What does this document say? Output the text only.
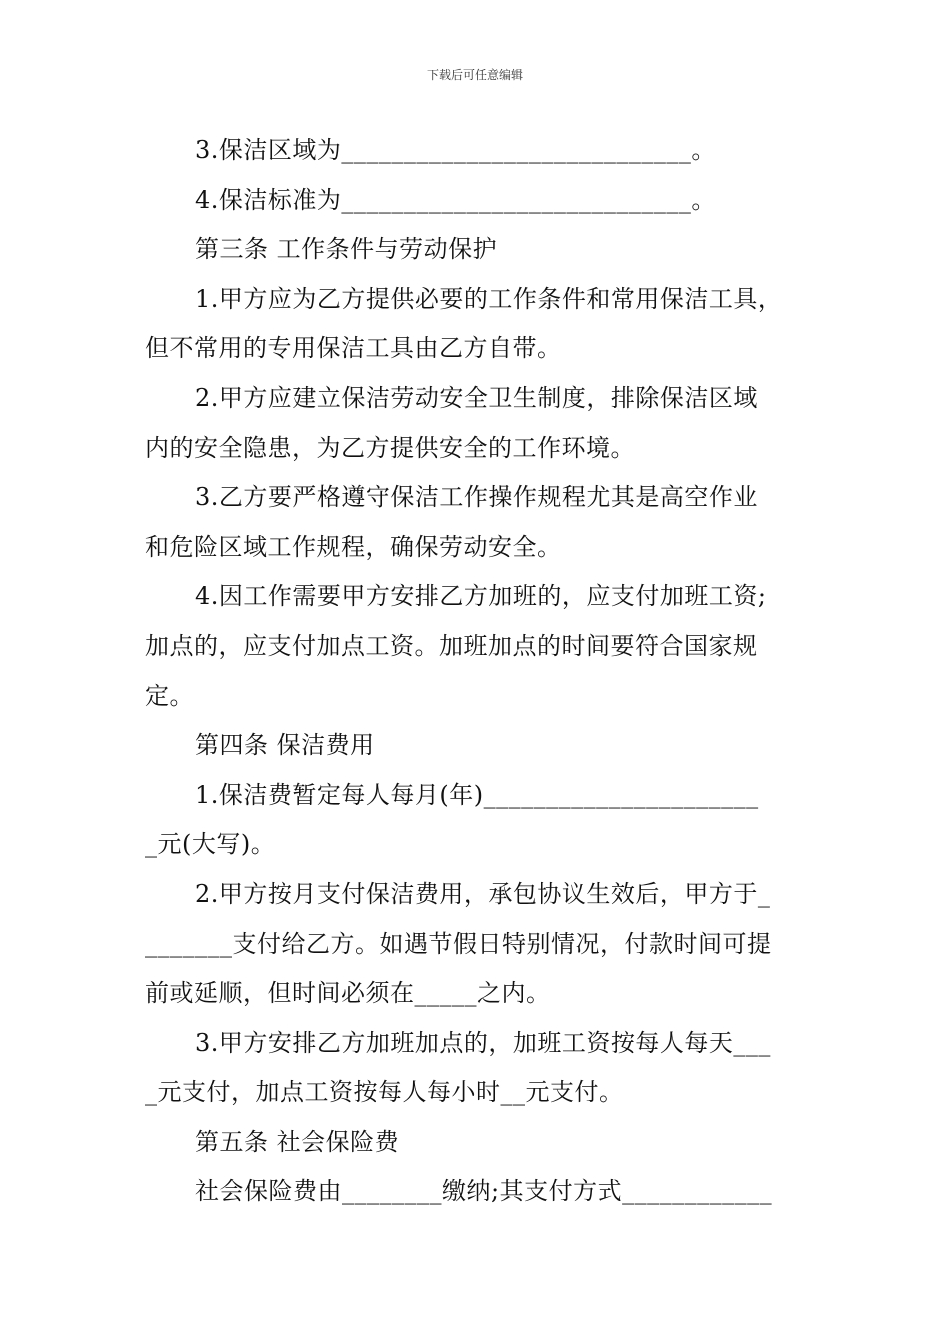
下载后可任意编辑
3.保洁区域为____________________________。
4.保洁标准为____________________________。
第三条 工作条件与劳动保护
1.甲方应为乙方提供必要的工作条件和常用保洁工具，
但不常用的专用保洁工具由乙方自带。
2.甲方应建立保洁劳动安全卫生制度，排除保洁区域
内的安全隐患，为乙方提供安全的工作环境。
3.乙方要严格遵守保洁工作操作规程尤其是高空作业
和危险区域工作规程，确保劳动安全。
4.因工作需要甲方安排乙方加班的，应支付加班工资;
加点的，应支付加点工资。加班加点的时间要符合国家规
定。
第四条 保洁费用
1.保洁费暂定每人每月(年)______________________
_元(大写)。
2.甲方按月支付保洁费用，承包协议生效后，甲方于_
_______支付给乙方。如遇节假日特别情况，付款时间可提
前或延顺，但时间必须在_____之内。
3.甲方安排乙方加班加点的，加班工资按每人每天___
_元支付，加点工资按每人每小时__元支付。
第五条 社会保险费
社会保险费由________缴纳;其支付方式____________
